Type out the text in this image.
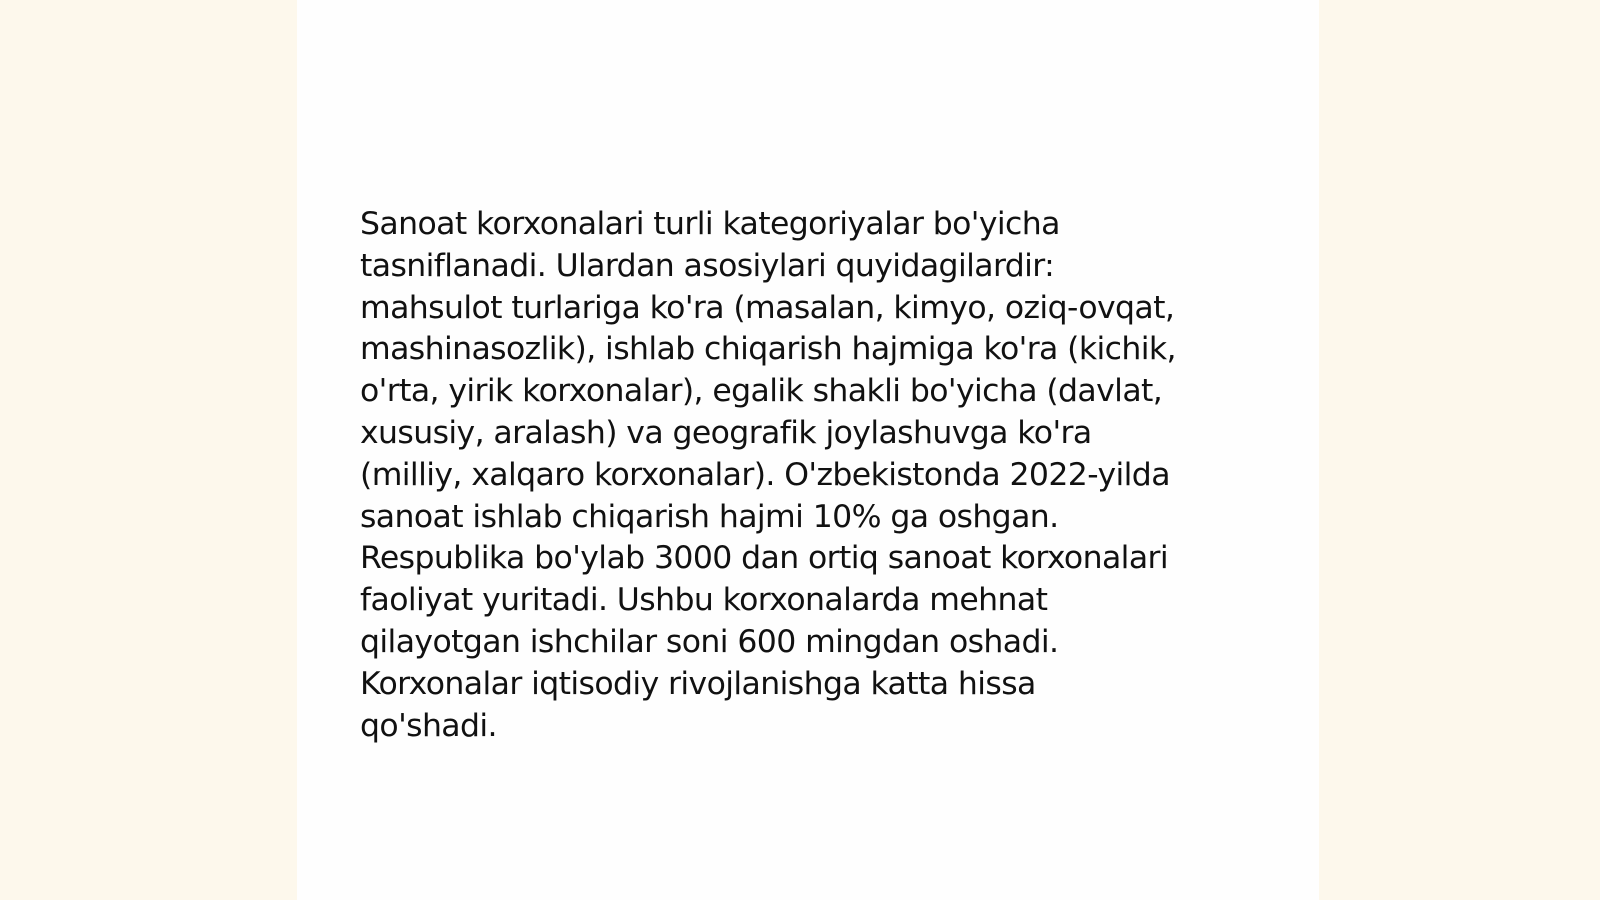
Sanoat korxonalari turli kategoriyalar bo'yicha
tasniflanadi. Ulardan asosiylari quyidagilardir:
mahsulot turlariga ko'ra (masalan, kimyo, oziq-ovqat,
mashinasozlik), ishlab chiqarish hajmiga ko'ra (kichik,
o'rta, yirik korxonalar), egalik shakli bo'yicha (davlat,
xususiy, aralash) va geografik joylashuvga ko'ra
(milliy, xalqaro korxonalar). O'zbekistonda 2022-yilda
sanoat ishlab chiqarish hajmi 10% ga oshgan.
Respublika bo'ylab 3000 dan ortiq sanoat korxonalari
faoliyat yuritadi. Ushbu korxonalarda mehnat
qilayotgan ishchilar soni 600 mingdan oshadi.
Korxonalar iqtisodiy rivojlanishga katta hissa
qo'shadi.
